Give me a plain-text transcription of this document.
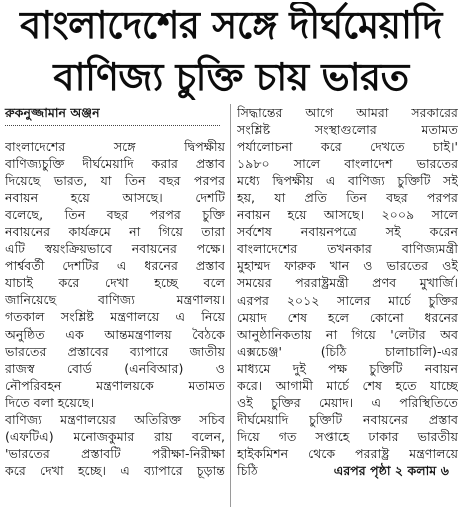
বাংলাদেশের সঙ্গে দীর্ঘমেয়াদি
বাণিজ্য চুক্তি চায় ভারত
রুকনুজ্জামান অঞ্জন
বাংলাদেশের সঙ্গে দ্বিপক্ষীয়
বাণিজ্যচুক্তি দীর্ঘমেয়াদি করার প্রস্তাব
দিয়েছে ভারত, যা তিন বছর পরপর
নবায়ন হয়ে আসছে। দেশটি
বলেছে, তিন বছর পরপর চুক্তি
নবায়নের কার্যক্রমে না গিয়ে তারা
এটি স্বয়ংক্রিয়ভাবে নবায়নের পক্ষে।
পার্শ্ববর্তী দেশটির এ ধরনের প্রস্তাব
যাচাই করে দেখা হচ্ছে বলে
জানিয়েছে বাণিজ্য মন্ত্রণালয়।
গতকাল সংশ্লিষ্ট মন্ত্রণালয়ে এ নিয়ে
অনুষ্ঠিত এক আন্তমন্ত্রণালয় বৈঠকে
ভারতের প্রস্তাবের ব্যাপারে জাতীয়
রাজস্ব বোর্ড (এনবিআর) ও
নৌপরিবহন মন্ত্রণালয়কে মতামত
দিতে বলা হয়েছে।
বাণিজ্য মন্ত্রণালয়ের অতিরিক্ত সচিব
(এফটিএ) মনোজকুমার রায় বলেন,
'ভারতের প্রস্তাবটি পরীক্ষা-নিরীক্ষা
করে দেখা হচ্ছে। এ ব্যাপারে চূড়ান্ত
সিদ্ধান্তের আগে আমরা সরকারের
সংশ্লিষ্ট সংস্থাগুলোর মতামত
পর্যালোচনা করে দেখতে চাই।'
১৯৮০ সালে বাংলাদেশ ভারতের
মধ্যে দ্বিপক্ষীয় এ বাণিজ্য চুক্তিটি সই
হয়, যা প্রতি তিন বছর পরপর
নবায়ন হয়ে আসছে। ২০০৯ সালে
সর্বশেষ নবায়নপত্রে সই করেন
বাংলাদেশের তখনকার বাণিজ্যমন্ত্রী
মুহাম্মদ ফারুক খান ও ভারতের ওই
সময়ের পররাষ্ট্রমন্ত্রী প্রণব মুখার্জি।
এরপর ২০১২ সালের মার্চে চুক্তির
মেয়াদ শেষ হলে কোনো ধরনের
আনুষ্ঠানিকতায় না গিয়ে 'লেটার অব
এক্সচেঞ্জ' (চিঠি চালাচালি)-এর
মাধ্যমে দুই পক্ষ চুক্তিটি নবায়ন
করে। আগামী মার্চে শেষ হতে যাচ্ছে
ওই চুক্তির মেয়াদ। এ পরিস্থিতিতে
দীর্ঘমেয়াদি চুক্তিটি নবায়নের প্রস্তাব
দিয়ে গত সপ্তাহে ঢাকার ভারতীয়
হাইকমিশন থেকে পররাষ্ট্র মন্ত্রণালয়ে
চিঠি	এরপর পৃষ্ঠা ২ কলাম ৬
